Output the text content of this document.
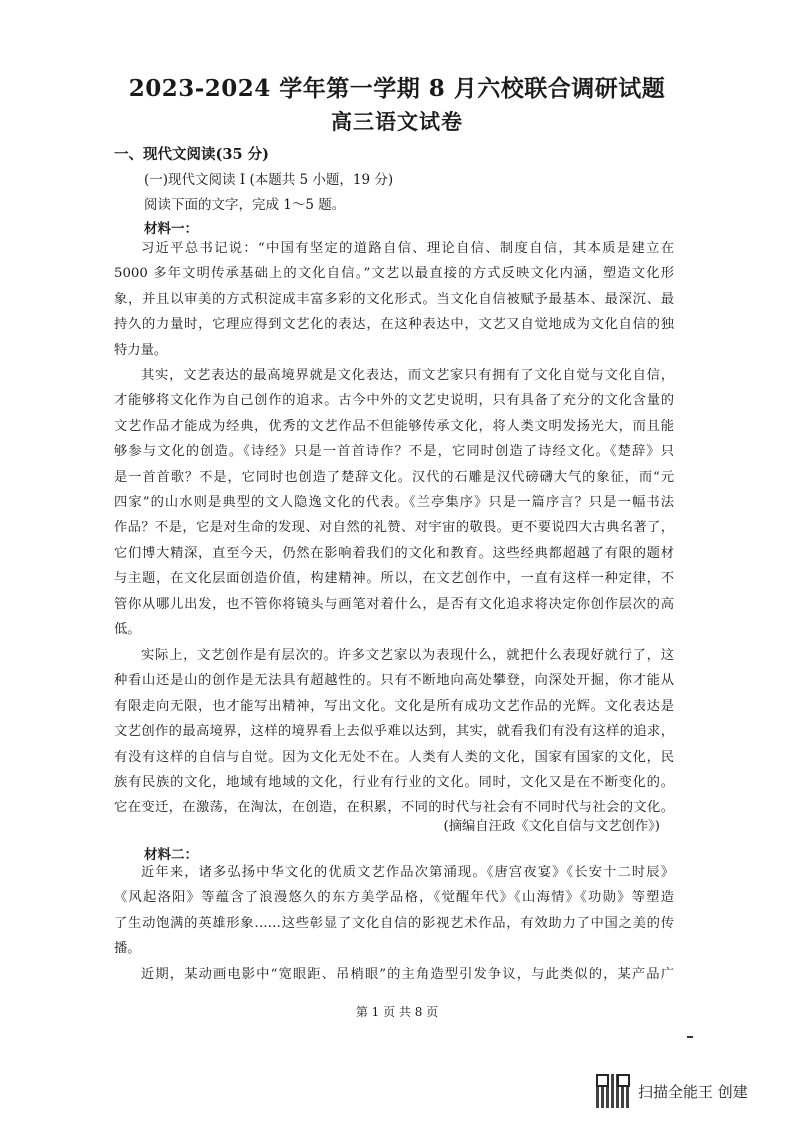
2023-2024 学年第一学期 8 月六校联合调研试题
高三语文试卷
一、现代文阅读(35 分)
(一)现代文阅读 I (本题共 5 小题，19 分)
阅读下面的文字，完成 1～5 题。
材料一：
习近平总书记说：“中国有坚定的道路自信、理论自信、制度自信，其本质是建立在
5000 多年文明传承基础上的文化自信。”文艺以最直接的方式反映文化内涵，塑造文化形
象，并且以审美的方式积淀成丰富多彩的文化形式。当文化自信被赋予最基本、最深沉、最
持久的力量时，它理应得到文艺化的表达，在这种表达中，文艺又自觉地成为文化自信的独
特力量。
其实，文艺表达的最高境界就是文化表达，而文艺家只有拥有了文化自觉与文化自信，
才能够将文化作为自己创作的追求。古今中外的文艺史说明，只有具备了充分的文化含量的
文艺作品才能成为经典，优秀的文艺作品不但能够传承文化，将人类文明发扬光大，而且能
够参与文化的创造。《诗经》只是一首首诗作？不是，它同时创造了诗经文化。《楚辞》只
是一首首歌？不是，它同时也创造了楚辞文化。汉代的石雕是汉代磅礴大气的象征，而“元
四家”的山水则是典型的文人隐逸文化的代表。《兰亭集序》只是一篇序言？只是一幅书法
作品？不是，它是对生命的发现、对自然的礼赞、对宇宙的敬畏。更不要说四大古典名著了，
它们博大精深，直至今天，仍然在影响着我们的文化和教育。这些经典都超越了有限的题材
与主题，在文化层面创造价值，构建精神。所以，在文艺创作中，一直有这样一种定律，不
管你从哪儿出发，也不管你将镜头与画笔对着什么，是否有文化追求将决定你创作层次的高
低。
实际上，文艺创作是有层次的。许多文艺家以为表现什么，就把什么表现好就行了，这
种看山还是山的创作是无法具有超越性的。只有不断地向高处攀登，向深处开掘，你才能从
有限走向无限，也才能写出精神，写出文化。文化是所有成功文艺作品的光辉。文化表达是
文艺创作的最高境界，这样的境界看上去似乎难以达到，其实，就看我们有没有这样的追求，
有没有这样的自信与自觉。因为文化无处不在。人类有人类的文化，国家有国家的文化，民
族有民族的文化，地域有地域的文化，行业有行业的文化。同时，文化又是在不断变化的。
它在变迁，在激荡，在淘汰，在创造，在积累，不同的时代与社会有不同时代与社会的文化。
(摘编自汪政《文化自信与文艺创作》)
材料二：
近年来，诸多弘扬中华文化的优质文艺作品次第涌现。《唐宫夜宴》《长安十二时辰》
《风起洛阳》等蕴含了浪漫悠久的东方美学品格，《觉醒年代》《山海情》《功勋》等塑造
了生动饱满的英雄形象……这些彰显了文化自信的影视艺术作品，有效助力了中国之美的传
播。
近期，某动画电影中“宽眼距、吊梢眼”的主角造型引发争议，与此类似的，某产品广
第 1 页 共 8 页
扫描全能王 创建
